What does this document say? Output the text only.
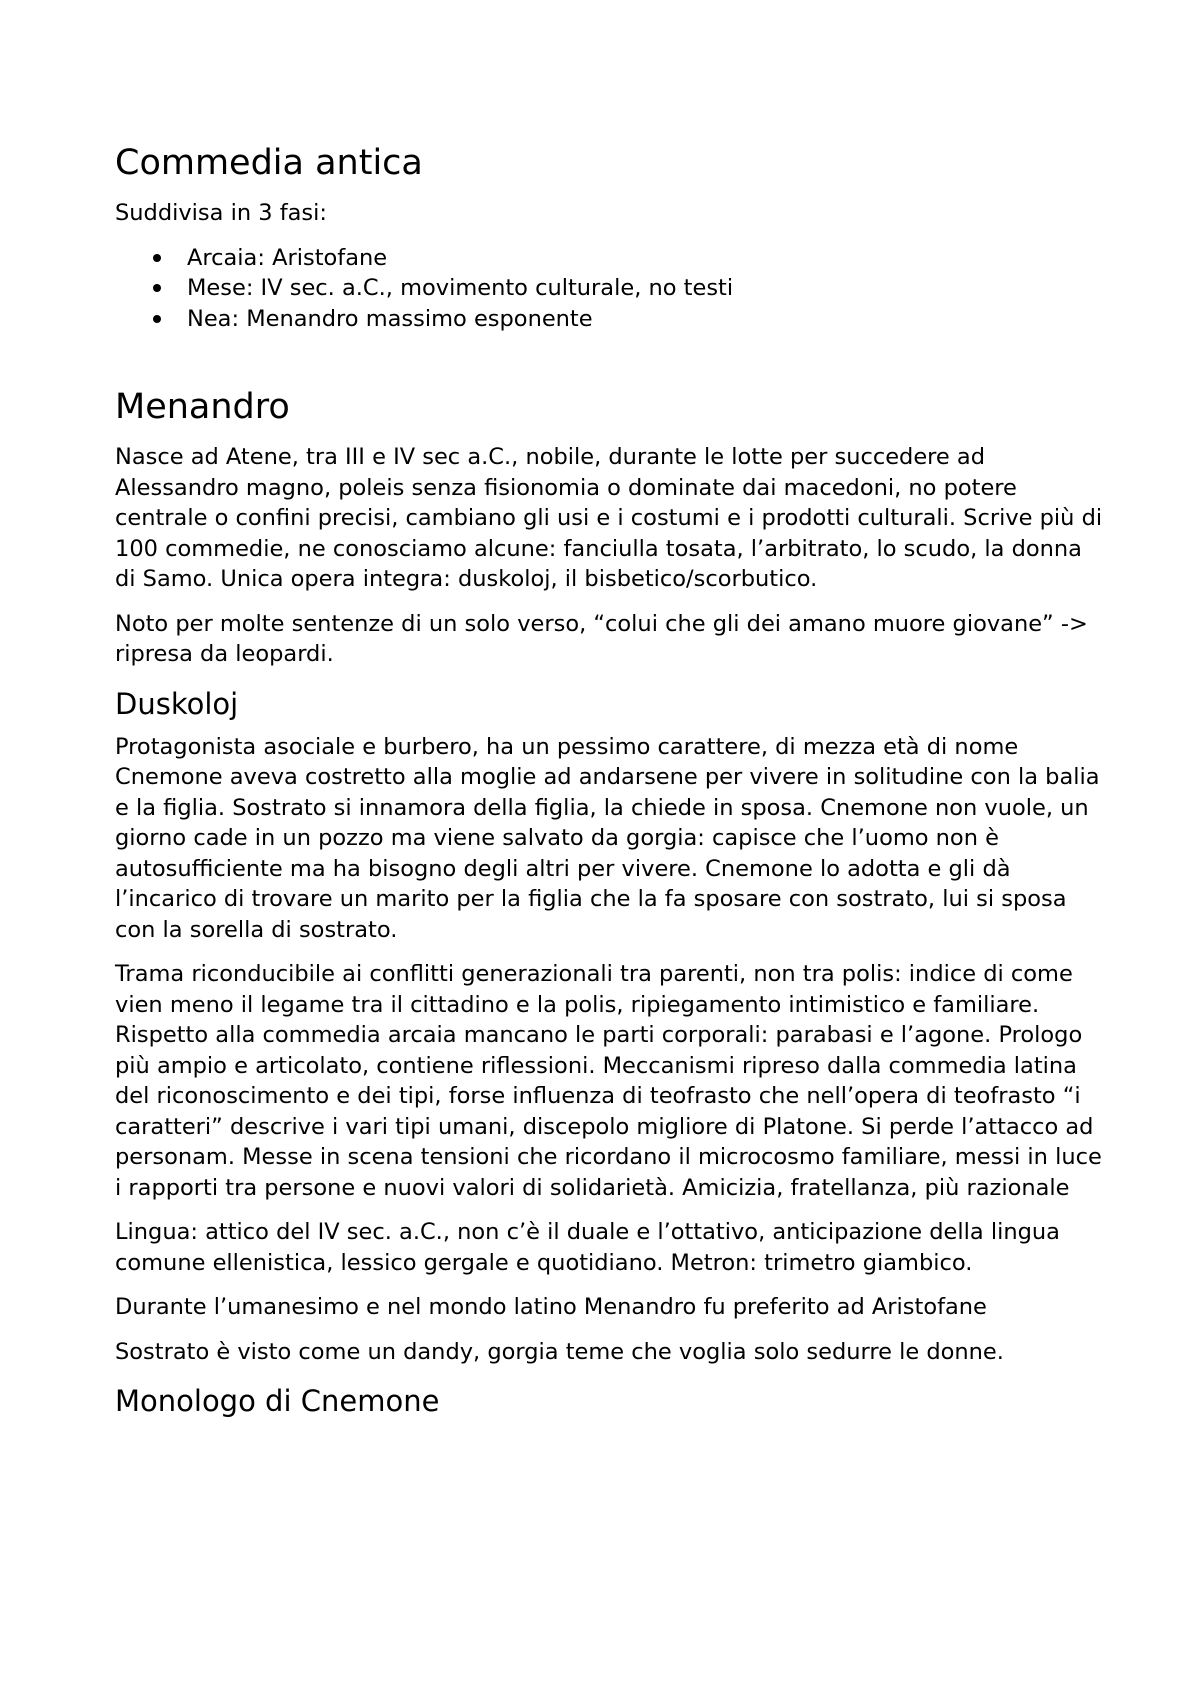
Commedia antica

Suddivisa in 3 fasi:

Arcaia: Aristofane
Mese: IV sec. a.C., movimento culturale, no testi
Nea: Menandro massimo esponente
Menandro

Nasce ad Atene, tra III e IV sec a.C., nobile, durante le lotte per succedere ad Alessandro magno, poleis senza fisionomia o dominate dai macedoni, no potere centrale o confini precisi, cambiano gli usi e i costumi e i prodotti culturali. Scrive più di 100 commedie, ne conosciamo alcune: fanciulla tosata, l’arbitrato, lo scudo, la donna di Samo. Unica opera integra: duskoloj, il bisbetico/scorbutico.

Noto per molte sentenze di un solo verso, “colui che gli dei amano muore giovane” -> ripresa da leopardi.

Duskoloj

Protagonista asociale e burbero, ha un pessimo carattere, di mezza età di nome Cnemone aveva costretto alla moglie ad andarsene per vivere in solitudine con la balia e la figlia. Sostrato si innamora della figlia, la chiede in sposa. Cnemone non vuole, un giorno cade in un pozzo ma viene salvato da gorgia: capisce che l’uomo non è autosufficiente ma ha bisogno degli altri per vivere. Cnemone lo adotta e gli dà l’incarico di trovare un marito per la figlia che la fa sposare con sostrato, lui si sposa con la sorella di sostrato.

Trama riconducibile ai conflitti generazionali tra parenti, non tra polis: indice di come vien meno il legame tra il cittadino e la polis, ripiegamento intimistico e familiare. Rispetto alla commedia arcaia mancano le parti corporali: parabasi e l’agone. Prologo più ampio e articolato, contiene riflessioni. Meccanismi ripreso dalla commedia latina del riconoscimento e dei tipi, forse influenza di teofrasto che nell’opera di teofrasto “i caratteri” descrive i vari tipi umani, discepolo migliore di Platone. Si perde l’attacco ad personam. Messe in scena tensioni che ricordano il microcosmo familiare, messi in luce i rapporti tra persone e nuovi valori di solidarietà. Amicizia, fratellanza, più razionale

Lingua: attico del IV sec. a.C., non c’è il duale e l’ottativo, anticipazione della lingua comune ellenistica, lessico gergale e quotidiano. Metron: trimetro giambico.

Durante l’umanesimo e nel mondo latino Menandro fu preferito ad Aristofane

Sostrato è visto come un dandy, gorgia teme che voglia solo sedurre le donne.

Monologo di Cnemone
